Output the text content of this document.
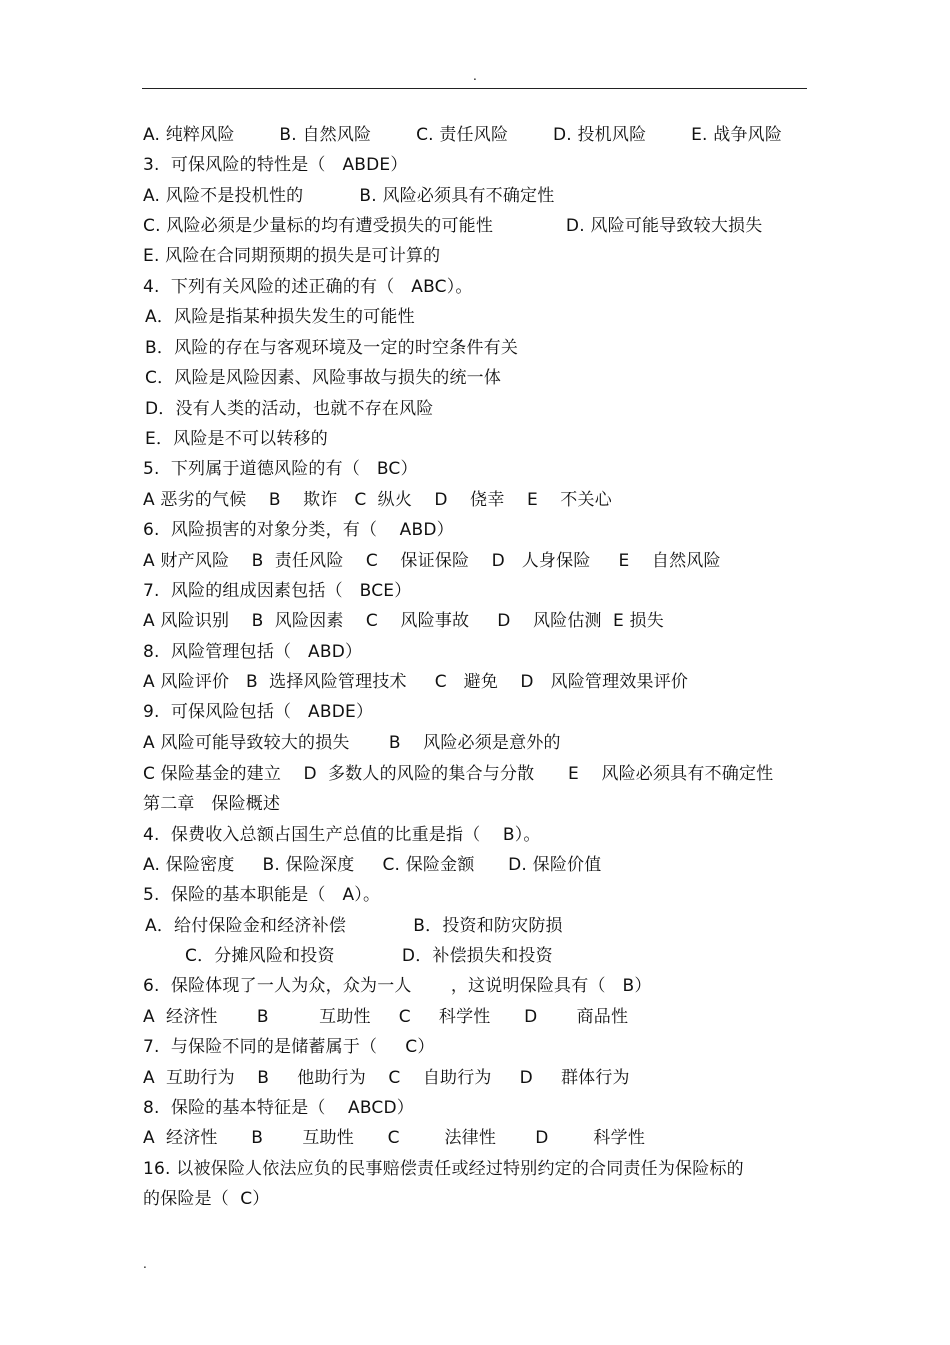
.
A. 纯粹风险        B. 自然风险        C. 责任风险        D. 投机风险        E. 战争风险
3.  可保风险的特性是（   ABDE）
A. 风险不是投机性的          B. 风险必须具有不确定性
C. 风险必须是少量标的均有遭受损失的可能性             D. 风险可能导致较大损失
E. 风险在合同期预期的损失是可计算的
4.  下列有关风险的述正确的有（   ABC）。
A．风险是指某种损失发生的可能性
B．风险的存在与客观环境及一定的时空条件有关
C．风险是风险因素、风险事故与损失的统一体
D．没有人类的活动，也就不存在风险
E．风险是不可以转移的
5.  下列属于道德风险的有（   BC）
A 恶劣的气候    B    欺诈   C  纵火    D    侥幸    E    不关心
6.  风险损害的对象分类，有（    ABD）
A 财产风险    B  责任风险    C    保证保险    D   人身保险     E    自然风险
7.  风险的组成因素包括（   BCE）
A 风险识别    B  风险因素    C    风险事故     D    风险估测  E 损失
8.  风险管理包括（   ABD）
A 风险评价   B  选择风险管理技术     C   避免    D   风险管理效果评价
9.  可保风险包括（   ABDE）
A 风险可能导致较大的损失       B    风险必须是意外的
C 保险基金的建立    D  多数人的风险的集合与分散      E    风险必须具有不确定性
第二章   保险概述
4.  保费收入总额占国生产总值的比重是指（    B）。
A. 保险密度     B. 保险深度     C. 保险金额      D. 保险价值
5.  保险的基本职能是（   A）。
A．给付保险金和经济补偿            B．投资和防灾防损
C．分摊风险和投资            D．补偿损失和投资
6.  保险体现了一人为众，众为一人       ，这说明保险具有（   B）
A  经济性       B         互助性     C     科学性      D       商品性
7.  与保险不同的是储蓄属于（     C）
A  互助行为    B     他助行为    C    自助行为     D     群体行为
8.  保险的基本特征是（    ABCD）
A  经济性      B       互助性      C        法律性       D        科学性
16. 以被保险人依法应负的民事赔偿责任或经过特别约定的合同责任为保险标的
的保险是（  C）
.
